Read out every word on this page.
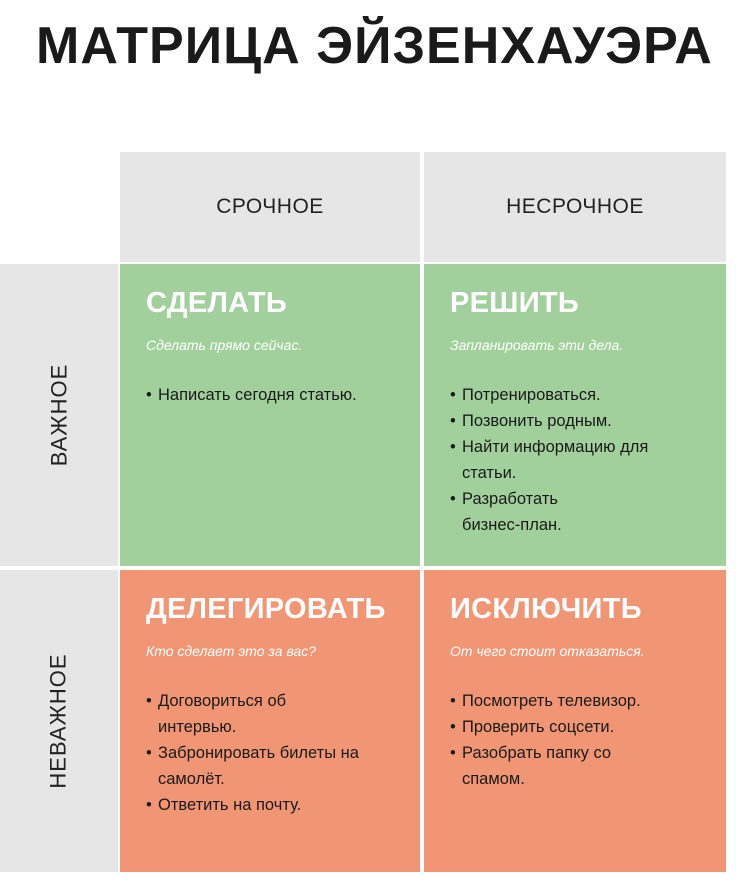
МАТРИЦА ЭЙЗЕНХАУЭРА
СРОЧНОЕ	НЕСРОЧНОЕ
ВАЖНОЕ
НЕВАЖНОЕ
СДЕЛАТЬ
Сделать прямо сейчас.
• Написать сегодня статью.
РЕШИТЬ
Запланировать эти дела.
• Потренироваться.
• Позвонить родным.
• Найти информацию для статьи.
• Разработать бизнес-план.
ДЕЛЕГИРОВАТЬ
Кто сделает это за вас?
• Договориться об интервью.
• Забронировать билеты на самолёт.
• Ответить на почту.
ИСКЛЮЧИТЬ
От чего стоит отказаться.
• Посмотреть телевизор.
• Проверить соцсети.
• Разобрать папку со спамом.
